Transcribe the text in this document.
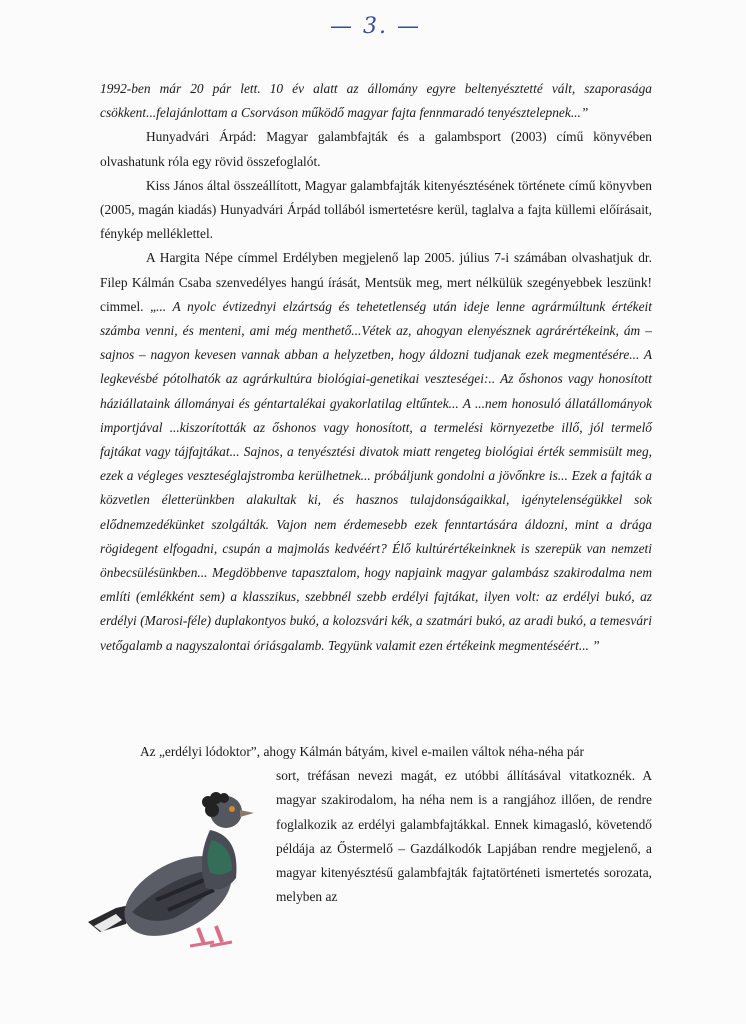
— 3. —

1992-ben már 20 pár lett. 10 év alatt az állomány egyre beltenyésztetté vált, szaporasága csökkent...felajánlottam a Csorváson működő magyar fajta fennmaradó tenyésztelepnek...”

Hunyadvári Árpád: Magyar galambfajták és a galambsport (2003) című könyvében olvashatunk róla egy rövid összefoglalót.

Kiss János által összeállított, Magyar galambfajták kitenyésztésének története című könyvben (2005, magán kiadás) Hunyadvári Árpád tollából ismertetésre kerül, taglalva a fajta küllemi előírásait, fénykép melléklettel.

A Hargita Népe címmel Erdélyben megjelenő lap 2005. július 7-i számában olvashatjuk dr. Filep Kálmán Csaba szenvedélyes hangú írását, Mentsük meg, mert nélkülük szegényebbek leszünk! cimmel. „... A nyolc évtizednyi elzártság és tehetetlenség után ideje lenne agrármúltunk értékeit számba venni, és menteni, ami még menthető...Vétek az, ahogyan elenyésznek agrárértékeink, ám – sajnos – nagyon kevesen vannak abban a helyzetben, hogy áldozni tudjanak ezek megmentésére... A legkevésbé pótolhatók az agrárkultúra biológiai-genetikai veszteségei:.. Az őshonos vagy honosított háziállataink állományai és géntartalékai gyakorlatilag eltűntek... A ...nem honosuló állatállományok importjával ...kiszorították az őshonos vagy honosított, a termelési környezetbe illő, jól termelő fajtákat vagy tájfajtákat... Sajnos, a tenyésztési divatok miatt rengeteg biológiai érték semmisült meg, ezek a végleges veszteséglajstromba kerülhetnek... próbáljunk gondolni a jövőnkre is... Ezek a fajták a közvetlen életterünkben alakultak ki, és hasznos tulajdonságaikkal, igénytelenségükkel sok elődnemzedékünket szolgálták. Vajon nem érdemesebb ezek fenntartására áldozni, mint a drága rögidegent elfogadni, csupán a majmolás kedvéért? Élő kultúrértékeinknek is szerepük van nemzeti önbecsülésünkben... Megdöbbenve tapasztalom, hogy napjaink magyar galambász szakirodalma nem említi (emlékként sem) a klasszikus, szebbnél szebb erdélyi fajtákat, ilyen volt: az erdélyi bukó, az erdélyi (Marosi-féle) duplakontyos bukó, a kolozsvári kék, a szatmári bukó, az aradi bukó, a temesvári vetőgalamb a nagyszalontai óriásgalamb. Tegyünk valamit ezen értékeink megmentéséért... ”

Az „erdélyi lódoktor”, ahogy Kálmán bátyám, kivel e-mailen váltok néha-néha pár

sort, tréfásan nevezi magát, ez utóbbi állításával vitatkoznék. A magyar szakirodalom, ha néha nem is a rangjához illően, de rendre foglalkozik az erdélyi galambfajtákkal. Ennek kimagasló, követendő példája az Őstermelő – Gazdálkodók Lapjában rendre megjelenő, a magyar kitenyésztésű galambfajták fajtatörténeti ismertetés sorozata, melyben az
